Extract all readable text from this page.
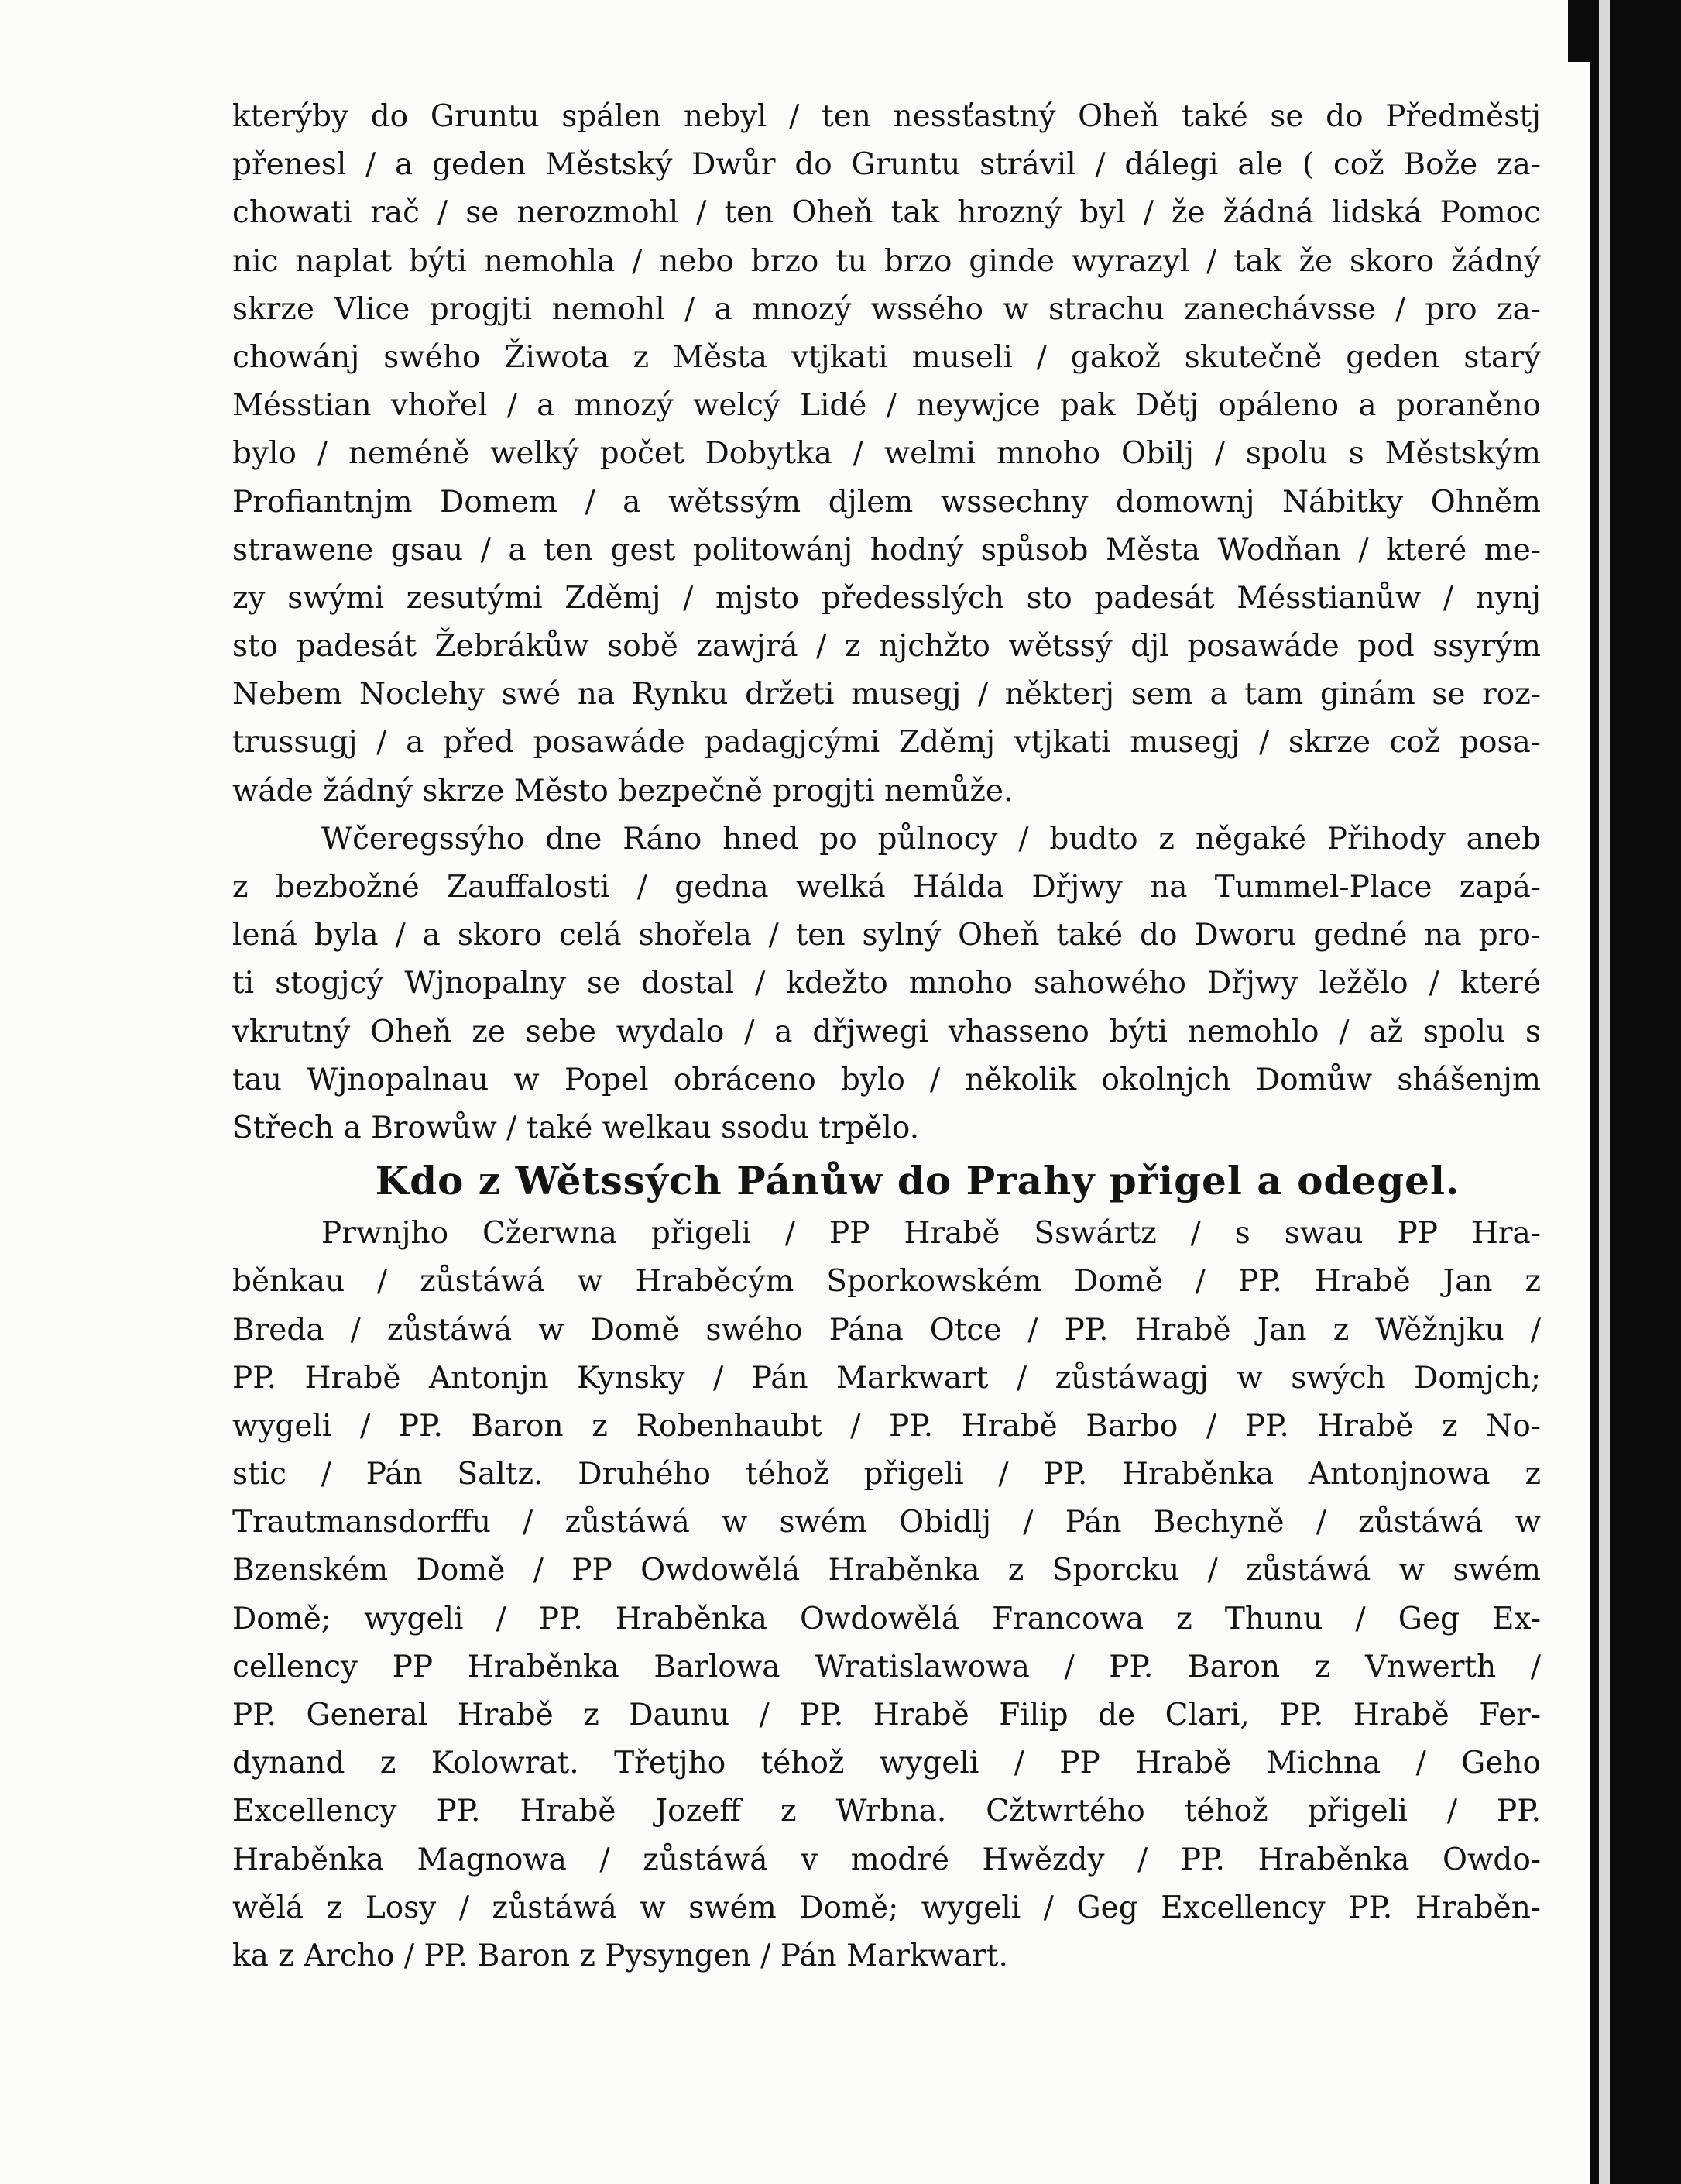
kterýby do Gruntu spálen nebyl / ten nessťastný Oheň také se do Předměstj
přenesl / a geden Městský Dwůr do Gruntu strávil / dálegi ale ( což Bože za-
chowati rač / se nerozmohl / ten Oheň tak hrozný byl / že žádná lidská Pomoc
nic naplat býti nemohla / nebo brzo tu brzo ginde wyrazyl / tak že skoro žádný
skrze Vlice progjti nemohl / a mnozý wssého w strachu zanechávsse / pro za-
chowánj swého Žiwota z Města vtjkati museli / gakož skutečně geden starý
Mésstian vhořel / a mnozý welcý Lidé / neywjce pak Dětj opáleno a poraněno
bylo / neméně welký počet Dobytka / welmi mnoho Obilj / spolu s Městským
Profiantnjm Domem / a wětssým djlem wssechny domownj Nábitky Ohněm
strawene gsau / a ten gest politowánj hodný spůsob Města Wodňan / které me-
zy swými zesutými Zděmj / mjsto předesslých sto padesát Mésstianůw / nynj
sto padesát Žebrákůw sobě zawjrá / z njchžto wětssý djl posawáde pod ssyrým
Nebem Noclehy swé na Rynku držeti musegj / některj sem a tam ginám se roz-
trussugj / a před posawáde padagjcými Zděmj vtjkati musegj / skrze což posa-
wáde žádný skrze Město bezpečně progjti nemůže.
Wčeregssýho dne Ráno hned po půlnocy / budto z něgaké Přihody aneb
z bezbožné Zauffalosti / gedna welká Hálda Dřjwy na Tummel-Place zapá-
lená byla / a skoro celá shořela / ten sylný Oheň také do Dworu gedné na pro-
ti stogjcý Wjnopalny se dostal / kdežto mnoho sahowého Dřjwy ležělo / které
vkrutný Oheň ze sebe wydalo / a dřjwegi vhasseno býti nemohlo / až spolu s
tau Wjnopalnau w Popel obráceno bylo / několik okolnjch Domůw shášenjm
Střech a Browůw / také welkau ssodu trpělo.
Kdo z Wětssých Pánůw do Prahy přigel a odegel.
Prwnjho Cžerwna přigeli / PP Hrabě Sswártz / s swau PP Hra-
běnkau / zůstáwá w Hraběcým Sporkowském Domě / PP. Hrabě Jan z
Breda / zůstáwá w Domě swého Pána Otce / PP. Hrabě Jan z Wěžnjku /
PP. Hrabě Antonjn Kynsky / Pán Markwart / zůstáwagj w swých Domjch;
wygeli / PP. Baron z Robenhaubt / PP. Hrabě Barbo / PP. Hrabě z No-
stic / Pán Saltz. Druhého téhož přigeli / PP. Hraběnka Antonjnowa z
Trautmansdorffu / zůstáwá w swém Obidlj / Pán Bechyně / zůstáwá w
Bzenském Domě / PP Owdowělá Hraběnka z Sporcku / zůstáwá w swém
Domě; wygeli / PP. Hraběnka Owdowělá Francowa z Thunu / Geg Ex-
cellency PP Hraběnka Barlowa Wratislawowa / PP. Baron z Vnwerth /
PP. General Hrabě z Daunu / PP. Hrabě Filip de Clari, PP. Hrabě Fer-
dynand z Kolowrat. Třetjho téhož wygeli / PP Hrabě Michna / Geho
Excellency PP. Hrabě Jozeff z Wrbna. Cžtwrtého téhož přigeli / PP.
Hraběnka Magnowa / zůstáwá v modré Hwězdy / PP. Hraběnka Owdo-
wělá z Losy / zůstáwá w swém Domě; wygeli / Geg Excellency PP. Hraběn-
ka z Archo / PP. Baron z Pysyngen / Pán Markwart.
